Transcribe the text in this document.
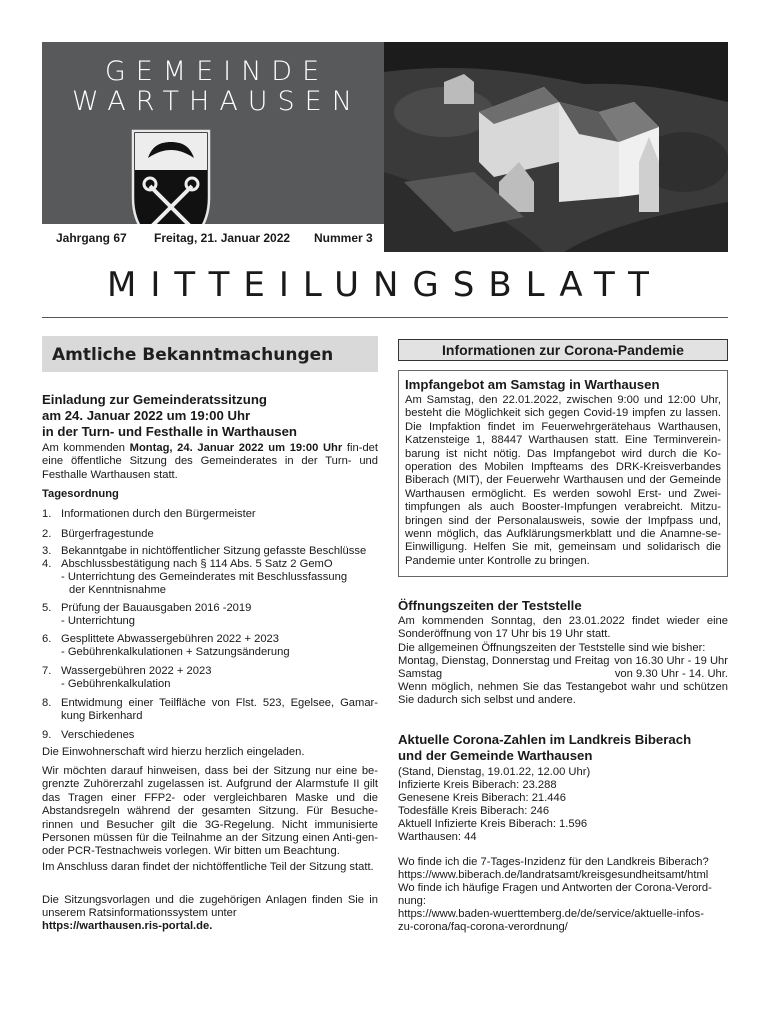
GEMEINDE
WARTHAUSEN
Jahrgang 67 Freitag, 21. Januar 2022 Nummer 3
MITTEILUNGSBLATT
Amtliche Bekanntmachungen
Einladung zur Gemeinderatssitzung
am 24. Januar 2022 um 19:00 Uhr
in der Turn- und Festhalle in Warthausen
Am kommenden Montag, 24. Januar 2022 um 19:00 Uhr fin-det eine öffentliche Sitzung des Gemeinderates in der Turn- und Festhalle Warthausen statt.
Tagesordnung
1. Informationen durch den Bürgermeister
2. Bürgerfragestunde
3. Bekanntgabe in nichtöffentlicher Sitzung gefasste Beschlüsse
4. Abschlussbestätigung nach § 114 Abs. 5 Satz 2 GemO
- Unterrichtung des Gemeinderates mit Beschlussfassung
der Kenntnisnahme
5. Prüfung der Bauausgaben 2016 -2019
- Unterrichtung
6. Gesplittete Abwassergebühren 2022 + 2023
- Gebührenkalkulationen + Satzungsänderung
7. Wassergebühren 2022 + 2023
- Gebührenkalkulation
8. Entwidmung einer Teilfläche von Flst. 523, Egelsee, Gamar-kung Birkenhard
9. Verschiedenes
Die Einwohnerschaft wird hierzu herzlich eingeladen.
Wir möchten darauf hinweisen, dass bei der Sitzung nur eine be-grenzte Zuhörerzahl zugelassen ist. Aufgrund der Alarmstufe II gilt das Tragen einer FFP2- oder vergleichbaren Maske und die Abstandsregeln während der gesamten Sitzung. Für Besuche-rinnen und Besucher gilt die 3G-Regelung. Nicht immunisierte Personen müssen für die Teilnahme an der Sitzung einen Anti-gen- oder PCR-Testnachweis vorlegen. Wir bitten um Beachtung.
Im Anschluss daran findet der nichtöffentliche Teil der Sitzung statt.
Die Sitzungsvorlagen und die zugehörigen Anlagen finden Sie in unserem Ratsinformationssystem unter
https://warthausen.ris-portal.de.
Informationen zur Corona-Pandemie
Impfangebot am Samstag in Warthausen
Am Samstag, den 22.01.2022, zwischen 9:00 und 12:00 Uhr, besteht die Möglichkeit sich gegen Covid-19 impfen zu lassen. Die Impfaktion findet im Feuerwehrgerätehaus Warthausen, Katzensteige 1, 88447 Warthausen statt. Eine Terminverein-barung ist nicht nötig. Das Impfangebot wird durch die Ko-operation des Mobilen Impfteams des DRK-Kreisverbandes Biberach (MIT), der Feuerwehr Warthausen und der Gemeinde Warthausen ermöglicht. Es werden sowohl Erst- und Zwei-timpfungen als auch Booster-Impfungen verabreicht. Mitzu-bringen sind der Personalausweis, sowie der Impfpass und, wenn möglich, das Aufklärungsmerkblatt und die Anamne-se-Einwilligung. Helfen Sie mit, gemeinsam und solidarisch die Pandemie unter Kontrolle zu bringen.
Öffnungszeiten der Teststelle
Am kommenden Sonntag, den 23.01.2022 findet wieder eine Sonderöffnung von 17 Uhr bis 19 Uhr statt.
Die allgemeinen Öffnungszeiten der Teststelle sind wie bisher:
Montag, Dienstag, Donnerstag und Freitag von 16.30 Uhr - 19 Uhr
Samstag	von 9.30 Uhr - 14. Uhr.
Wenn möglich, nehmen Sie das Testangebot wahr und schützen Sie dadurch sich selbst und andere.
Aktuelle Corona-Zahlen im Landkreis Biberach
und der Gemeinde Warthausen
(Stand, Dienstag, 19.01.22, 12.00 Uhr)
Infizierte Kreis Biberach: 23.288
Genesene Kreis Biberach: 21.446
Todesfälle Kreis Biberach: 246
Aktuell Infizierte Kreis Biberach: 1.596
Warthausen: 44
Wo finde ich die 7-Tages-Inzidenz für den Landkreis Biberach?
https://www.biberach.de/landratsamt/kreisgesundheitsamt/html
Wo finde ich häufige Fragen und Antworten der Corona-Verord-
nung:
https://www.baden-wuerttemberg.de/de/service/aktuelle-infos-
zu-corona/faq-corona-verordnung/
